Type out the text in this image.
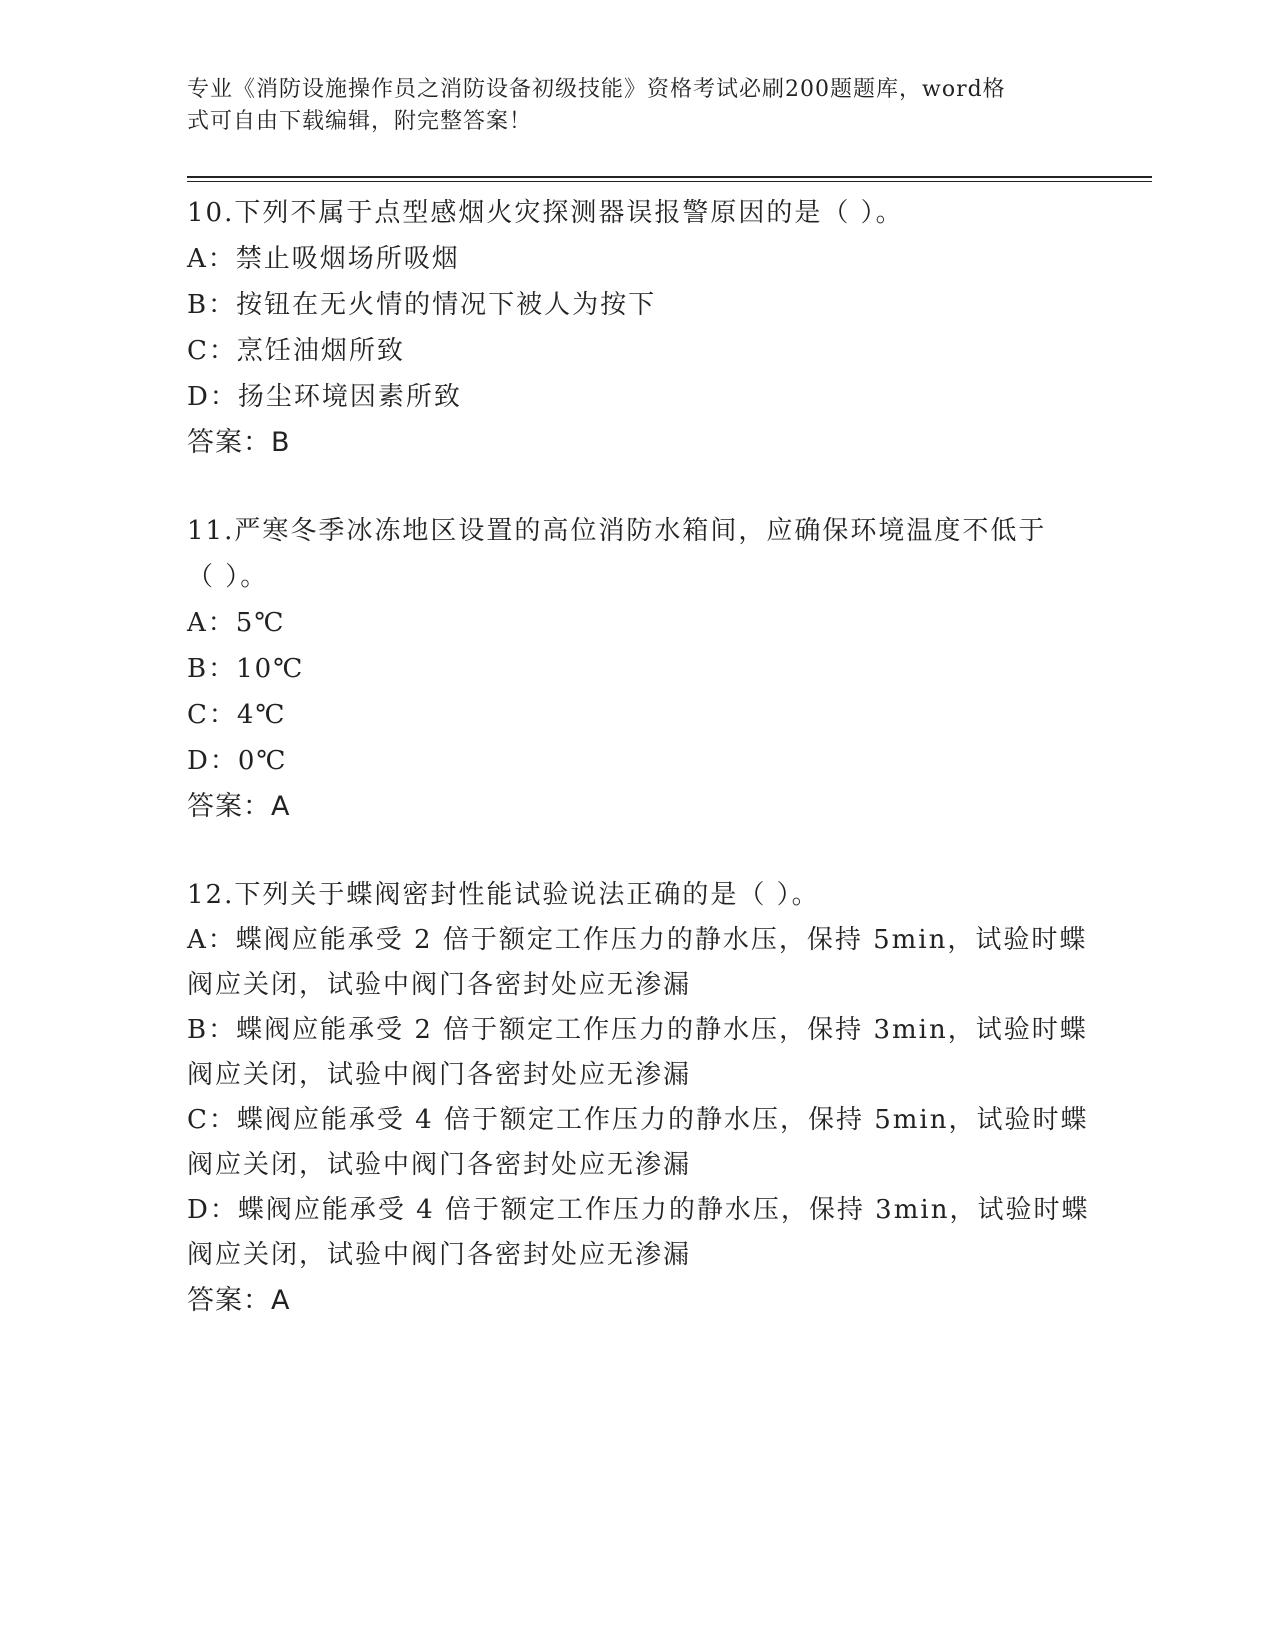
专业《消防设施操作员之消防设备初级技能》资格考试必刷200题题库，word格
式可自由下载编辑，附完整答案！
10.下列不属于点型感烟火灾探测器误报警原因的是（ ）。
A：禁止吸烟场所吸烟
B：按钮在无火情的情况下被人为按下
C：烹饪油烟所致
D：扬尘环境因素所致
答案：B
11.严寒冬季冰冻地区设置的高位消防水箱间，应确保环境温度不低于
（ ）。
A：5℃
B：10℃
C：4℃
D：0℃
答案：A
12.下列关于蝶阀密封性能试验说法正确的是（ ）。
A：蝶阀应能承受 2 倍于额定工作压力的静水压，保持 5min，试验时蝶
阀应关闭，试验中阀门各密封处应无渗漏
B：蝶阀应能承受 2 倍于额定工作压力的静水压，保持 3min，试验时蝶
阀应关闭，试验中阀门各密封处应无渗漏
C：蝶阀应能承受 4 倍于额定工作压力的静水压，保持 5min，试验时蝶
阀应关闭，试验中阀门各密封处应无渗漏
D：蝶阀应能承受 4 倍于额定工作压力的静水压，保持 3min，试验时蝶
阀应关闭，试验中阀门各密封处应无渗漏
答案：A
